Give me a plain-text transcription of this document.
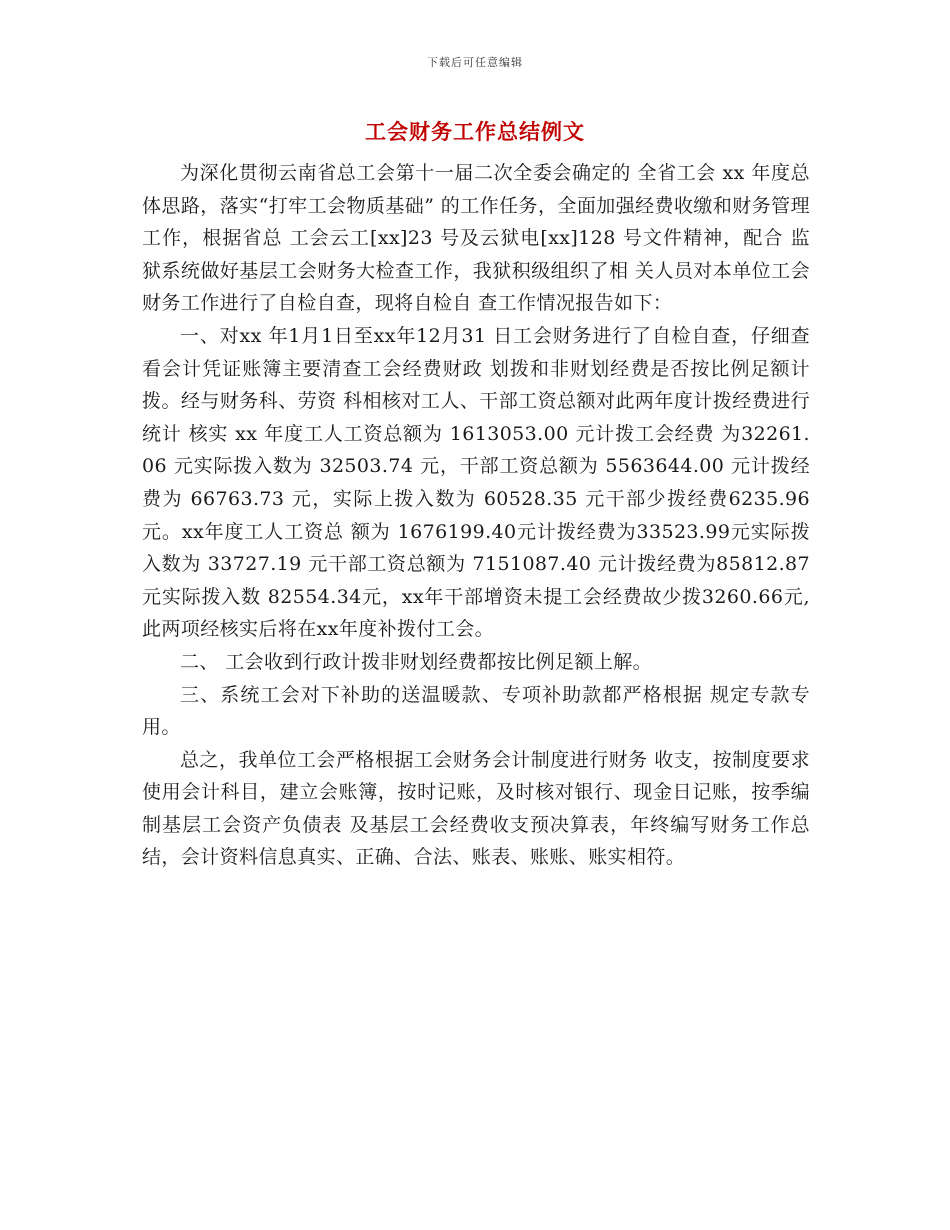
下载后可任意编辑
工会财务工作总结例文

为深化贯彻云南省总工会第十一届二次全委会确定的 全省工会 xx 年度总体思路，落实“打牢工会物质基础” 的工作任务，全面加强经费收缴和财务管理工作，根据省总 工会云工[xx]23 号及云狱电[xx]128 号文件精神，配合 监狱系统做好基层工会财务大检查工作，我狱积级组织了相 关人员对本单位工会财务工作进行了自检自查，现将自检自 查工作情况报告如下：

一、对xx 年1月1日至xx年12月31 日工会财务进行了自检自查，仔细查看会计凭证账簿主要清查工会经费财政 划拨和非财划经费是否按比例足额计拨。经与财务科、劳资 科相核对工人、干部工资总额对此两年度计拨经费进行统计 核实 xx 年度工人工资总额为 1613053.00 元计拨工会经费 为32261.06 元实际拨入数为 32503.74 元，干部工资总额为 5563644.00 元计拨经费为 66763.73 元，实际上拨入数为 60528.35 元干部少拨经费6235.96 元。xx年度工人工资总 额为 1676199.40元计拨经费为33523.99元实际拨入数为 33727.19 元干部工资总额为 7151087.40 元计拨经费为85812.87 元实际拨入数 82554.34元，xx年干部增资未提工会经费故少拨3260.66元,此两项经核实后将在xx年度补拨付工会。

二、 工会收到行政计拨非财划经费都按比例足额上解。

三、系统工会对下补助的送温暖款、专项补助款都严格根据 规定专款专用。

总之，我单位工会严格根据工会财务会计制度进行财务 收支，按制度要求使用会计科目，建立会账簿，按时记账，及时核对银行、现金日记账，按季编制基层工会资产负债表 及基层工会经费收支预决算表，年终编写财务工作总结，会计资料信息真实、正确、合法、账表、账账、账实相符。
